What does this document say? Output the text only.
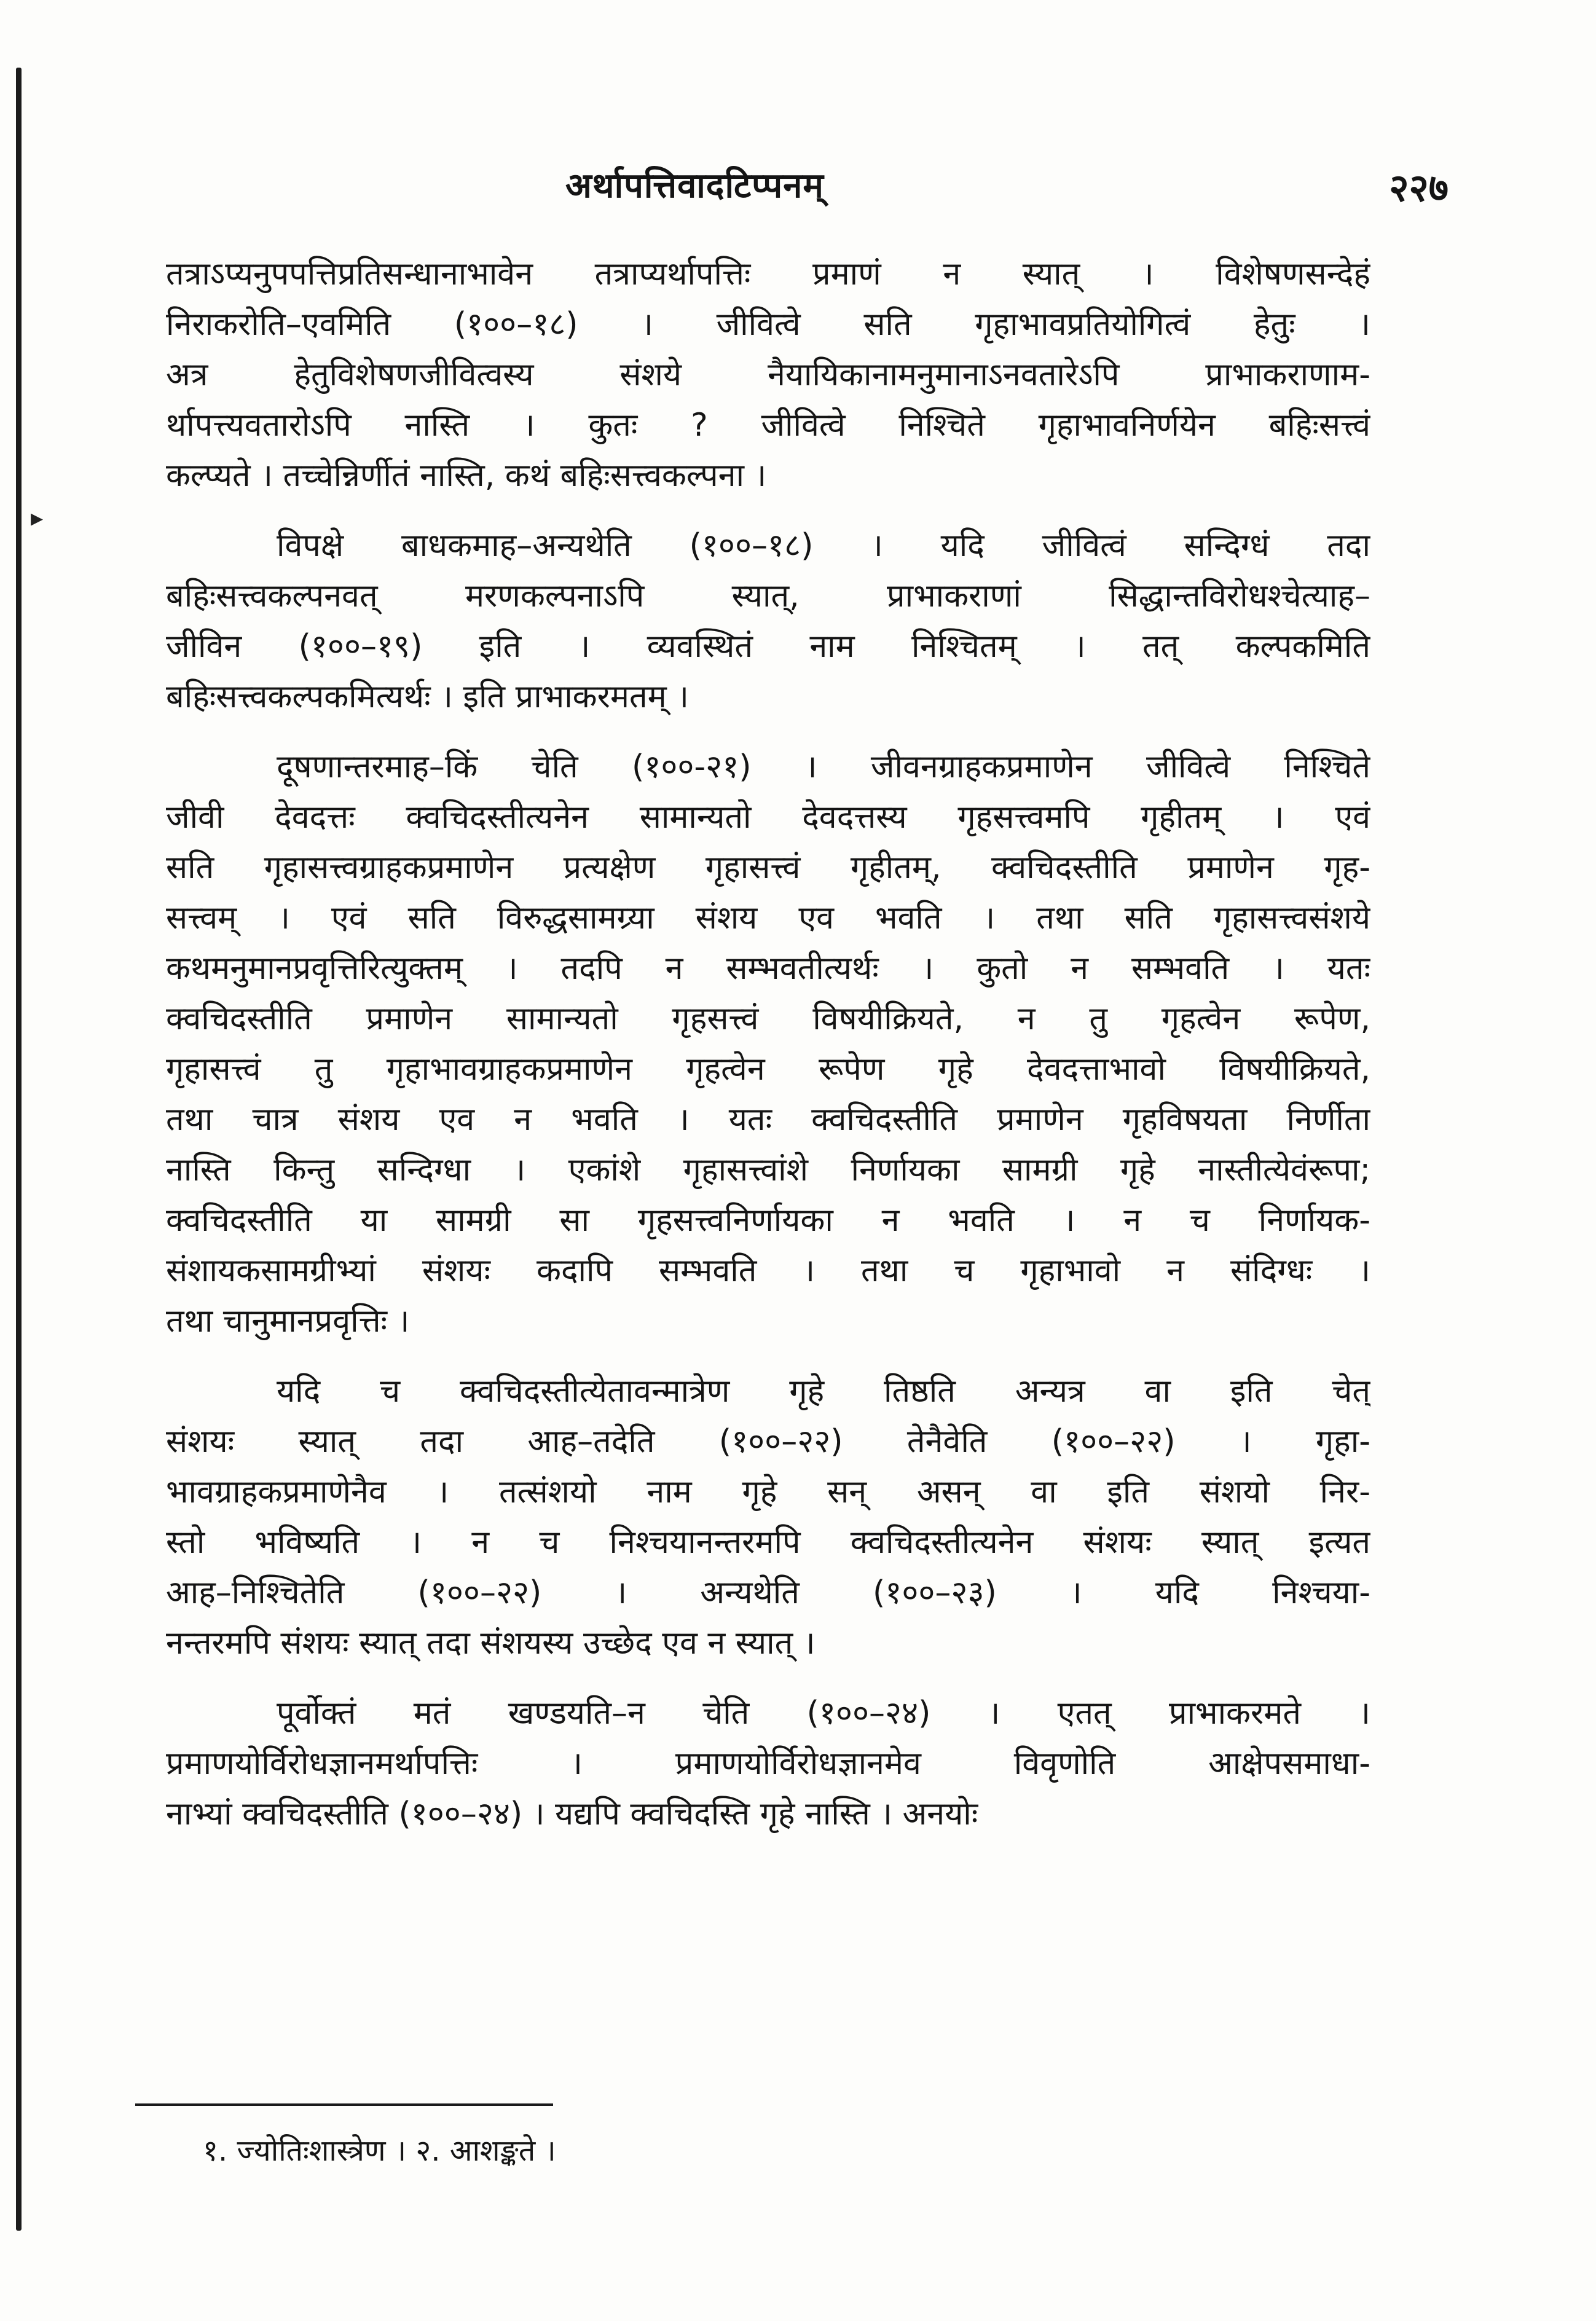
▸
अर्थापत्तिवादटिप्पनम्	२२७
तत्राऽप्यनुपपत्तिप्रतिसन्धानाभावेन तत्राप्यर्थापत्तिः प्रमाणं न स्यात् । विशेषणसन्देहं
निराकरोति–एवमिति (१००–१८) । जीवित्वे सति गृहाभावप्रतियोगित्वं हेतुः ।
अत्र हेतुविशेषणजीवित्वस्य संशये नैयायिकानामनुमानाऽनवतारेऽपि प्राभाकराणाम-
र्थापत्त्यवतारोऽपि नास्ति । कुतः ? जीवित्वे निश्चिते गृहाभावनिर्णयेन बहिःसत्त्वं
कल्प्यते । तच्चेन्निर्णीतं नास्ति, कथं बहिःसत्त्वकल्पना ।
विपक्षे बाधकमाह–अन्यथेति (१००–१८) । यदि जीवित्वं सन्दिग्धं तदा
बहिःसत्त्वकल्पनवत् मरणकल्पनाऽपि स्यात्, प्राभाकराणां सिद्धान्तविरोधश्चेत्याह–
जीविन (१००–१९) इति । व्यवस्थितं नाम निश्चितम् । तत् कल्पकमिति
बहिःसत्त्वकल्पकमित्यर्थः । इति प्राभाकरमतम् ।
दूषणान्तरमाह–किं चेति (१००-२१) । जीवनग्राहकप्रमाणेन जीवित्वे निश्चिते
जीवी देवदत्तः क्वचिदस्तीत्यनेन सामान्यतो देवदत्तस्य गृहसत्त्वमपि गृहीतम् । एवं
सति गृहासत्त्वग्राहकप्रमाणेन प्रत्यक्षेण गृहासत्त्वं गृहीतम्, क्वचिदस्तीति प्रमाणेन गृह-
सत्त्वम् । एवं सति विरुद्धसामग्र्या संशय एव भवति । तथा सति गृहासत्त्वसंशये
कथमनुमानप्रवृत्तिरित्युक्तम् । तदपि न सम्भवतीत्यर्थः । कुतो न सम्भवति । यतः
क्वचिदस्तीति प्रमाणेन सामान्यतो गृहसत्त्वं विषयीक्रियते, न तु गृहत्वेन रूपेण,
गृहासत्त्वं तु गृहाभावग्राहकप्रमाणेन गृहत्वेन रूपेण गृहे देवदत्ताभावो विषयीक्रियते,
तथा चात्र संशय एव न भवति । यतः क्वचिदस्तीति प्रमाणेन गृहविषयता निर्णीता
नास्ति किन्तु सन्दिग्धा । एकांशे गृहासत्त्वांशे निर्णायका सामग्री गृहे नास्तीत्येवंरूपा;
क्वचिदस्तीति या सामग्री सा गृहसत्त्वनिर्णायका न भवति । न च निर्णायक-
संशायकसामग्रीभ्यां संशयः कदापि सम्भवति । तथा च गृहाभावो न संदिग्धः ।
तथा चानुमानप्रवृत्तिः ।
यदि च क्वचिदस्तीत्येतावन्मात्रेण गृहे तिष्ठति अन्यत्र वा इति चेत्
संशयः स्यात् तदा आह–तदेति (१००–२२) तेनैवेति (१००–२२) । गृहा-
भावग्राहकप्रमाणेनैव । तत्संशयो नाम गृहे सन् असन् वा इति संशयो निर-
स्तो भविष्यति । न च निश्चयानन्तरमपि क्वचिदस्तीत्यनेन संशयः स्यात् इत्यत
आह–निश्चितेति (१००–२२) । अन्यथेति (१००–२३) । यदि निश्चया-
नन्तरमपि संशयः स्यात् तदा संशयस्य उच्छेद एव न स्यात् ।
पूर्वोक्तं मतं खण्डयति–न चेति (१००–२४) । एतत् प्राभाकरमते ।
प्रमाणयोर्विरोधज्ञानमर्थापत्तिः । प्रमाणयोर्विरोधज्ञानमेव विवृणोति आक्षेपसमाधा-
नाभ्यां क्वचिदस्तीति (१००–२४) । यद्यपि क्वचिदस्ति गृहे नास्ति । अनयोः
१. ज्योतिःशास्त्रेण । २. आशङ्कते ।
